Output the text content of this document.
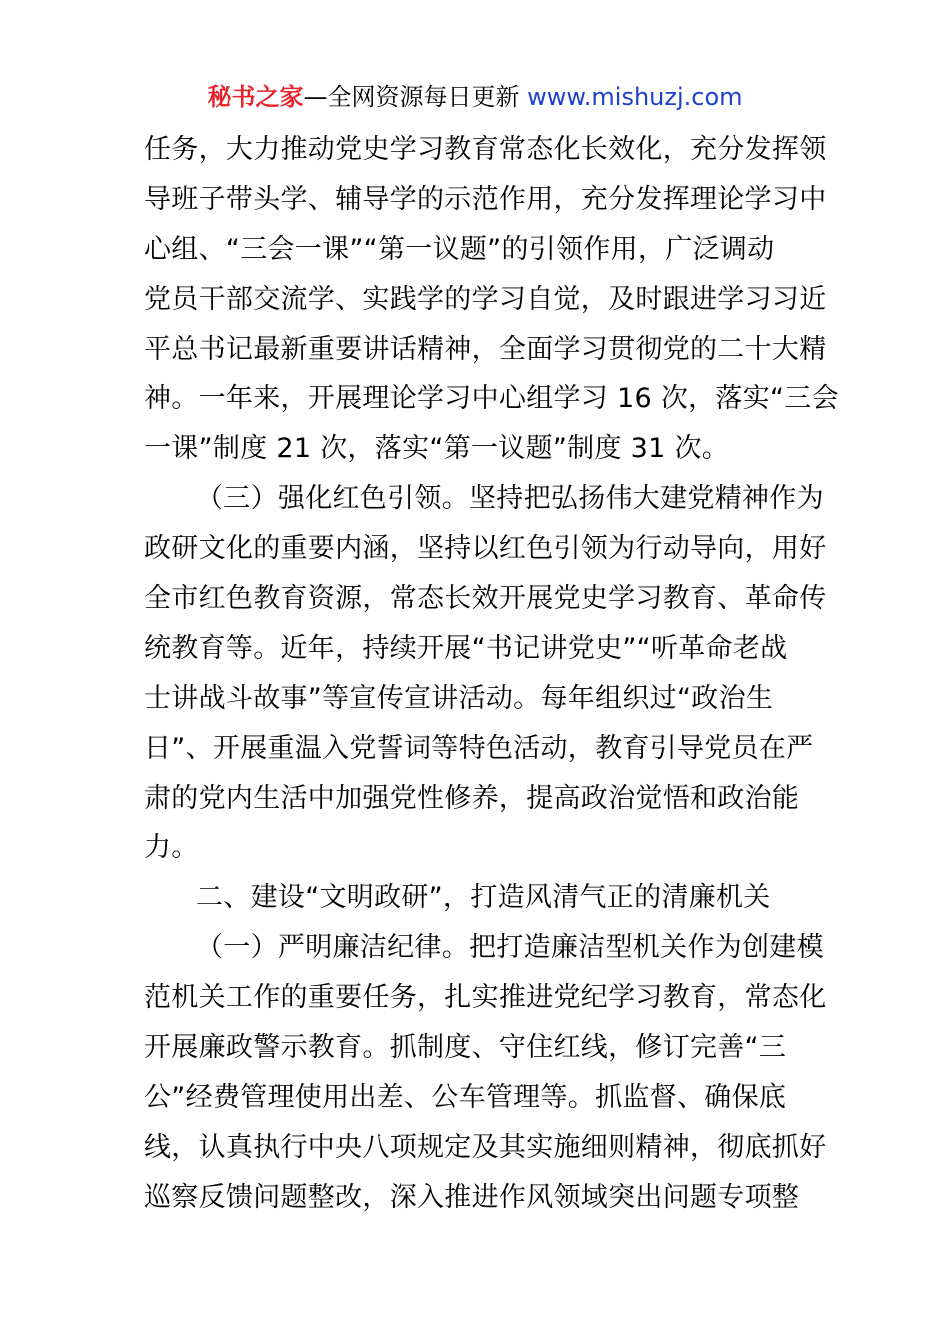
秘书之家—全网资源每日更新 www.mishuzj.com
任务，大力推动党史学习教育常态化长效化，充分发挥领
导班子带头学、辅导学的示范作用，充分发挥理论学习中
心组、“三会一课”“第一议题”的引领作用，广泛调动
党员干部交流学、实践学的学习自觉，及时跟进学习习近
平总书记最新重要讲话精神，全面学习贯彻党的二十大精
神。一年来，开展理论学习中心组学习 16 次，落实“三会
一课”制度 21 次，落实“第一议题”制度 31 次。
（三）强化红色引领。坚持把弘扬伟大建党精神作为
政研文化的重要内涵，坚持以红色引领为行动导向，用好
全市红色教育资源，常态长效开展党史学习教育、革命传
统教育等。近年，持续开展“书记讲党史”“听革命老战
士讲战斗故事”等宣传宣讲活动。每年组织过“政治生
日”、开展重温入党誓词等特色活动，教育引导党员在严
肃的党内生活中加强党性修养，提高政治觉悟和政治能
力。
二、建设“文明政研”，打造风清气正的清廉机关
（一）严明廉洁纪律。把打造廉洁型机关作为创建模
范机关工作的重要任务，扎实推进党纪学习教育，常态化
开展廉政警示教育。抓制度、守住红线，修订完善“三
公”经费管理使用出差、公车管理等。抓监督、确保底
线，认真执行中央八项规定及其实施细则精神，彻底抓好
巡察反馈问题整改，深入推进作风领域突出问题专项整
